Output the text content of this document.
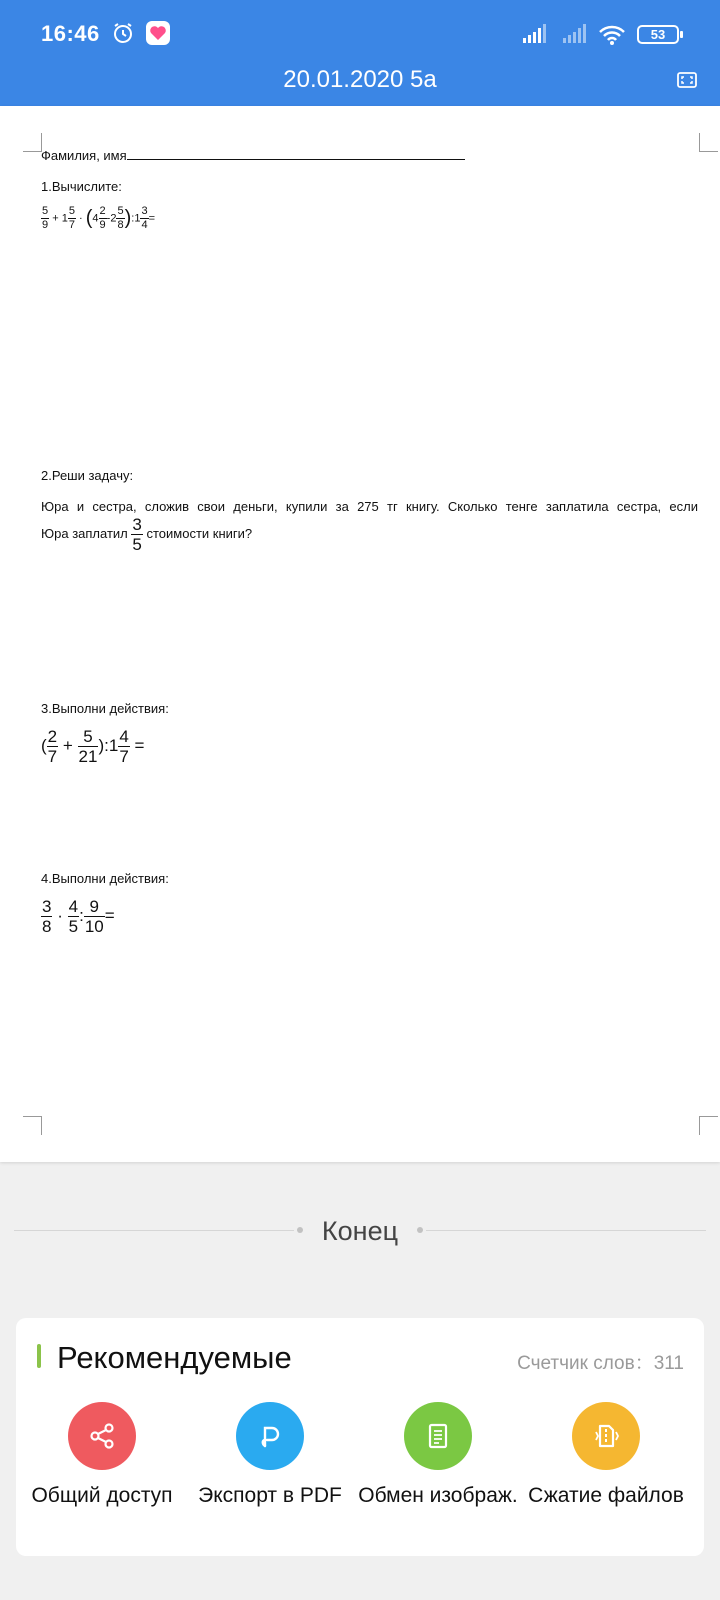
16:46	53
20.01.2020 5а
Фамилия, имя
1.Вычислите:
$\frac{5}{9} + 1 \frac{5}{7} \cdot (4 \frac{2}{9} -2 \frac{5}{8}$ ):1 $\frac{3}{4}$ =
2.Реши задачу:
Юра и сестра, сложив свои деньги, купили за 275 тг книгу. Сколько тенге заплатила сестра, если
Юра заплатил $\frac{3}{5}$ стоимости книги?
3.Выполни действия:
( $\frac{2}{7} + \frac{5}{21}$ ):1 $\frac{4}{7}$ =
4.Выполни действия:
$\frac{3}{8} \cdot \frac{4}{5}$ : $\frac{9}{10}$ =
Конец
Рекомендуемые	Счетчик слов：311
Общий доступ	Экспорт в PDF Обмен изображ. Сжатие файлов
